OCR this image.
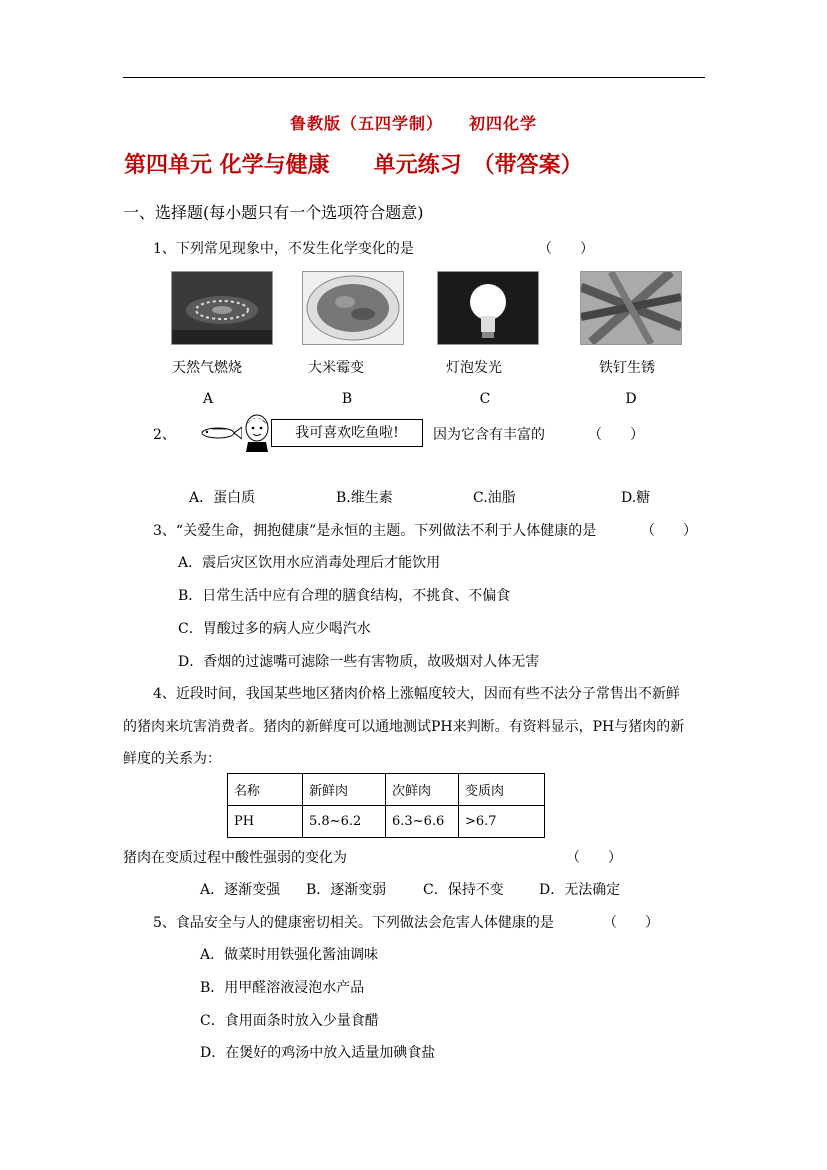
鲁教版（五四学制）　　初四化学
第四单元 化学与健康　　单元练习　（带答案）
一、选择题(每小题只有一个选项符合题意)
1、下列常见现象中，不发生化学变化的是	（　　）
天然气燃烧	大米霉变	灯泡发光	铁钉生锈
A	B	C	D
2、	我可喜欢吃鱼啦!	因为它含有丰富的	（　　）
A．蛋白质	B.维生素	C.油脂	D.糖
3、“关爱生命，拥抱健康”是永恒的主题。下列做法不利于人体健康的是	（　　）
A．震后灾区饮用水应消毒处理后才能饮用
B．日常生活中应有合理的膳食结构，不挑食、不偏食
C．胃酸过多的病人应少喝汽水
D．香烟的过滤嘴可滤除一些有害物质，故吸烟对人体无害
4、近段时间，我国某些地区猪肉价格上涨幅度较大，因而有些不法分子常售出不新鲜
的猪肉来坑害消费者。猪肉的新鲜度可以通地测试PH来判断。有资料显示，PH与猪肉的新
鲜度的关系为：
名称	新鲜肉	次鲜肉	变质肉
PH	5.8~6.2	6.3~6.6	>6.7
猪肉在变质过程中酸性强弱的变化为	（　　）
A．逐渐变强 B．逐渐变弱	C．保持不变	D．无法确定
5、食品安全与人的健康密切相关。下列做法会危害人体健康的是	（　　）
A．做菜时用铁强化酱油调味
B．用甲醛溶液浸泡水产品
C．食用面条时放入少量食醋
D．在煲好的鸡汤中放入适量加碘食盐
